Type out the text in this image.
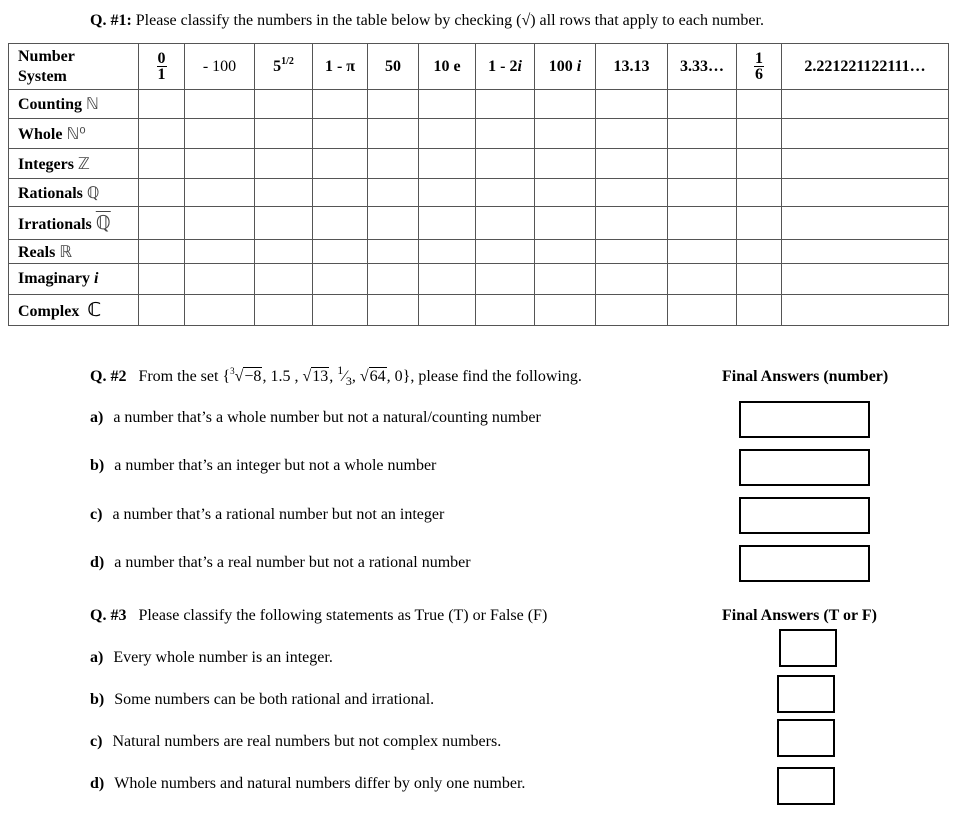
Q. #1: Please classify the numbers in the table below by checking (√) all rows that apply to each number.
Number
System	$\frac{0}{1}$	- 100	$5^{1/2}$	1 - π	50	10 e	1 - 2i	100 i	13.13	3.33…	$\frac{1}{6}$	2.221221122111…
Counting ℕ												
Whole ℕ⁰												
Integers ℤ												
Rationals ℚ												
Irrationals ℚ												
Reals ℝ												
Imaginary i												
Complex ℂ												
Q. #2 From the set {$^3$√−8, 1.5 , √13, $^1⁄_3$, √64, 0}, please find the following.	Final Answers (number)
a) a number that’s a whole number but not a natural/counting number
b) a number that’s an integer but not a whole number
c) a number that’s a rational number but not an integer
d) a number that’s a real number but not a rational number
Q. #3 Please classify the following statements as True (T) or False (F)	Final Answers (T or F)
a) Every whole number is an integer.
b) Some numbers can be both rational and irrational.
c) Natural numbers are real numbers but not complex numbers.
d) Whole numbers and natural numbers differ by only one number.
